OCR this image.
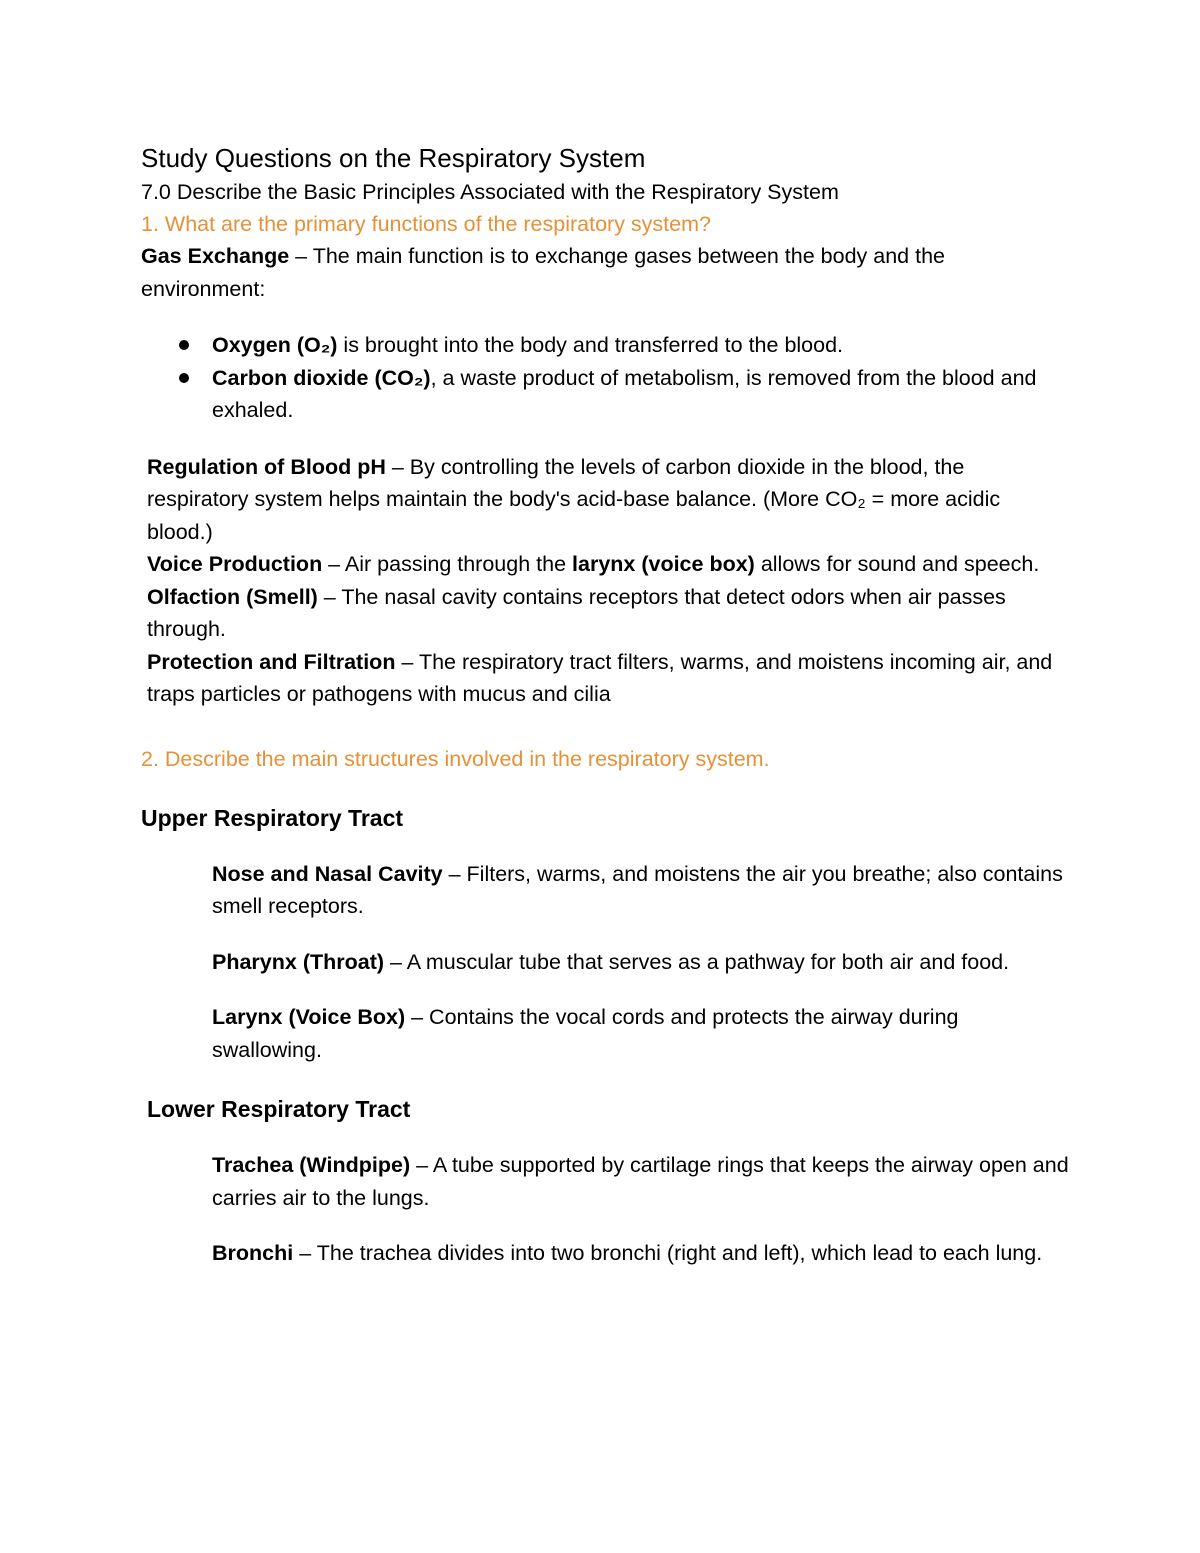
Study Questions on the Respiratory System

7.0 Describe the Basic Principles Associated with the Respiratory System

1. What are the primary functions of the respiratory system?

Gas Exchange – The main function is to exchange gases between the body and the environment:

Oxygen (O₂) is brought into the body and transferred to the blood.
Carbon dioxide (CO₂), a waste product of metabolism, is removed from the blood and exhaled.

Regulation of Blood pH – By controlling the levels of carbon dioxide in the blood, the respiratory system helps maintain the body's acid-base balance. (More CO₂ = more acidic blood.)

Voice Production – Air passing through the larynx (voice box) allows for sound and speech.

Olfaction (Smell) – The nasal cavity contains receptors that detect odors when air passes through.

Protection and Filtration – The respiratory tract filters, warms, and moistens incoming air, and traps particles or pathogens with mucus and cilia

2. Describe the main structures involved in the respiratory system.

Upper Respiratory Tract

Nose and Nasal Cavity – Filters, warms, and moistens the air you breathe; also contains smell receptors.

Pharynx (Throat) – A muscular tube that serves as a pathway for both air and food.

Larynx (Voice Box) – Contains the vocal cords and protects the airway during swallowing.

Lower Respiratory Tract

Trachea (Windpipe) – A tube supported by cartilage rings that keeps the airway open and carries air to the lungs.

Bronchi – The trachea divides into two bronchi (right and left), which lead to each lung.
